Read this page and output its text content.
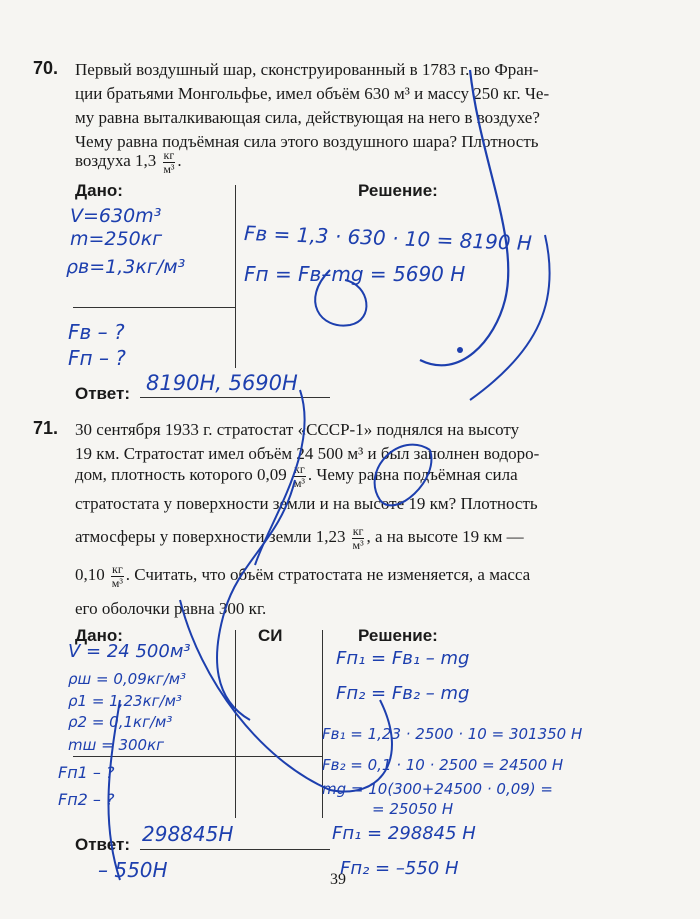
70. Первый воздушный шар, сконструированный в 1783 г. во Фран-
ции братьями Монгольфье, имел объём 630 м³ и массу 250 кг. Че-
му равна выталкивающая сила, действующая на него в воздухе?
Чему равна подъёмная сила этого воздушного шара? Плотность
воздуха $1,3 \frac{кг}{\text{м³}}$ .
Дано:	Решение:
Ответ:
V=630m³
m=250кг
ρв=1,3кг/м³
Fв – ?
Fп – ?
Fв = 1,3 · 630 · 10 = 8190 Н
Fп = Fв–mg = 5690 Н
8190Н, 5690Н
71. 30 сентября 1933 г. стратостат «СССР-1» поднялся на высоту
19 км. Стратостат имел объём 24 500 м³ и был заполнен водоро-
дом, плотность которого $0,09 \frac{кг}{\text{м³}}$ . Чему равна подъёмная сила
стратостата у поверхности земли и на высоте 19 км? Плотность
атмосферы у поверхности земли $1,23 \frac{кг}{\text{м³}}$ , а на высоте 19 км —
$0,10 \frac{кг}{\text{м³}}$ . Считать, что объём стратостата не изменяется, а масса
его оболочки равна 300 кг.
Дано:	СИ	Решение:
Ответ:
V = 24 500м³
ρш = 0,09кг/м³
ρ1 = 1,23кг/м³
ρ2 = 0,1кг/м³
mш = 300кг
Fп1 – ?
Fп2 – ?
Fп₁ = Fв₁ – mg
Fп₂ = Fв₂ – mg
Fв₁ = 1,23 · 2500 · 10 = 301350 Н
Fв₂ = 0,1 · 10 · 2500 = 24500 Н
mg = 10(300+24500 · 0,09) =
= 25050 Н
Fп₁ = 298845 Н
Fп₂ = –550 Н
298845Н
– 550Н	39
